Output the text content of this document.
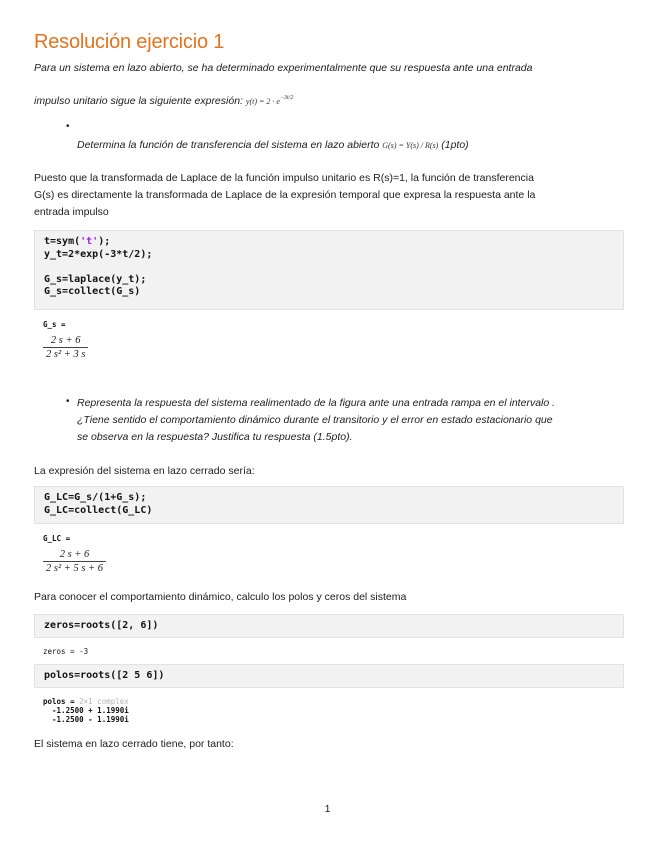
Resolución ejercicio 1

Para un sistema en lazo abierto, se ha determinado experimentalmente que su respuesta ante una entrada

impulso unitario sigue la siguiente expresión: $y(t) = 2 \cdot e^{-3t/2}$

•

Determina la función de transferencia del sistema en lazo abierto G(s) = Y(s) / R(s) (1pto)

Puesto que la transformada de Laplace de la función impulso unitario es R(s)=1, la función de transferencia

G(s) es directamente la transformada de Laplace de la expresión temporal que expresa la respuesta ante la

entrada impulso

t=sym('t');
y_t=2*exp(-3*t/2);

G_s=laplace(y_t);
G_s=collect(G_s)
G_s =
2 s + 6
2 s² + 3 s
• Representa la respuesta del sistema realimentado de la figura ante una entrada rampa en el intervalo .

¿Tiene sentido el comportamiento dinámico durante el transitorio y el error en estado estacionario que

se observa en la respuesta? Justifica tu respuesta (1.5pto).

La expresión del sistema en lazo cerrado sería:

G_LC=G_s/(1+G_s);
G_LC=collect(G_LC)
G_LC =
2 s + 6
2 s² + 5 s + 6

Para conocer el comportamiento dinámico, calculo los polos y ceros del sistema

zeros=roots([2, 6])
zeros = -3
polos=roots([2 5 6])
polos = 2×1 complex
-1.2500 + 1.1990i
-1.2500 - 1.1990i

El sistema en lazo cerrado tiene, por tanto:

1
